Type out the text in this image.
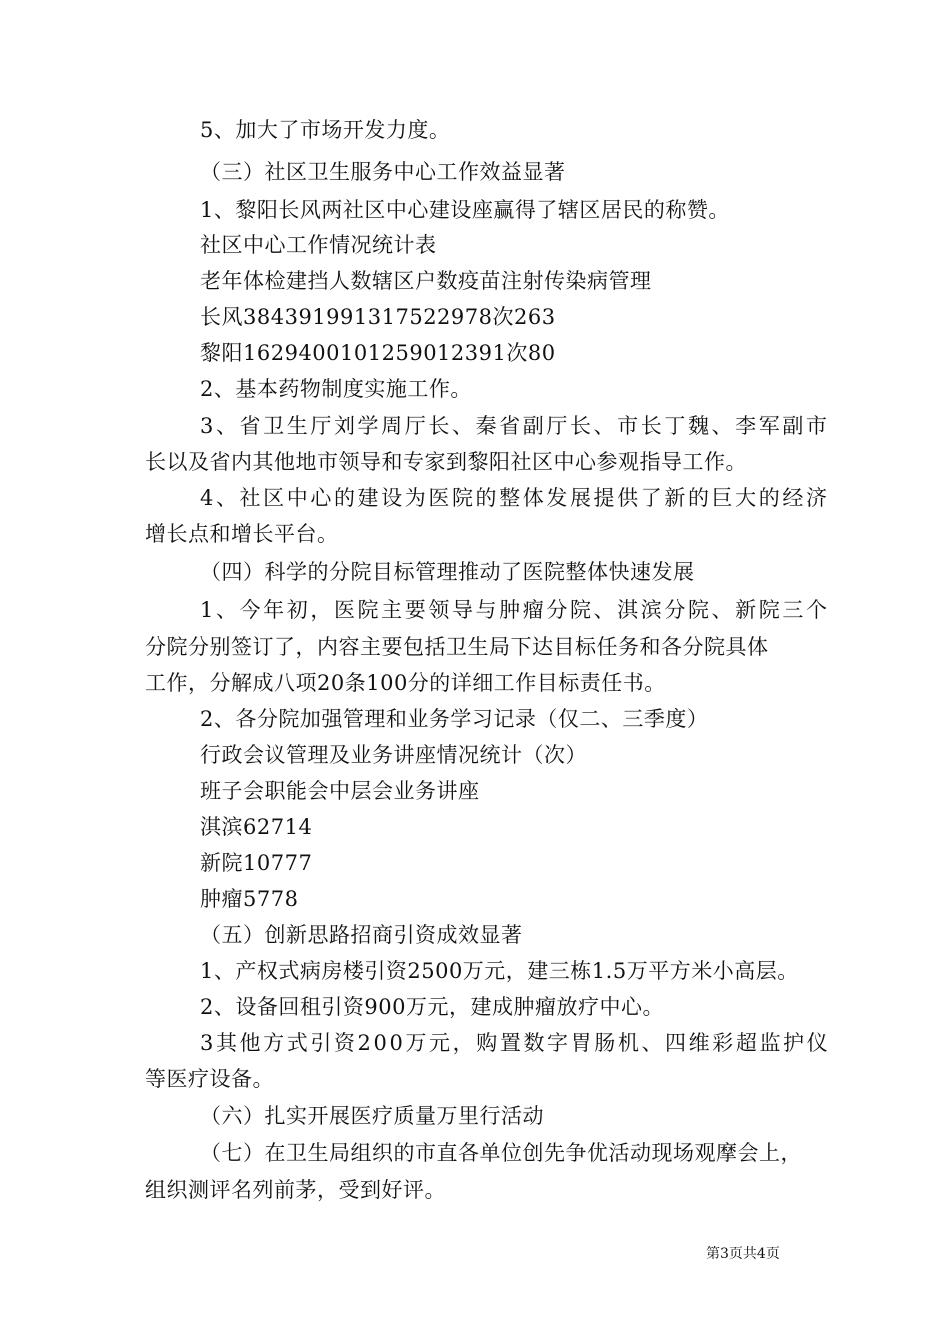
5、加大了市场开发力度。
（三）社区卫生服务中心工作效益显著
1、黎阳长风两社区中心建设座赢得了辖区居民的称赞。
社区中心工作情况统计表
老年体检建挡人数辖区户数疫苗注射传染病管理
长风384391991317522978次263
黎阳1629400101259012391次80
2、基本药物制度实施工作。
3、省卫生厅刘学周厅长、秦省副厅长、市长丁魏、李军副市
长以及省内其他地市领导和专家到黎阳社区中心参观指导工作。
4、社区中心的建设为医院的整体发展提供了新的巨大的经济
增长点和增长平台。
（四）科学的分院目标管理推动了医院整体快速发展
1、今年初，医院主要领导与肿瘤分院、淇滨分院、新院三个
分院分别签订了，内容主要包括卫生局下达目标任务和各分院具体
工作，分解成八项20条100分的详细工作目标责任书。
2、各分院加强管理和业务学习记录（仅二、三季度）
行政会议管理及业务讲座情况统计（次）
班子会职能会中层会业务讲座
淇滨62714
新院10777
肿瘤5778
（五）创新思路招商引资成效显著
1、产权式病房楼引资2500万元，建三栋1.5万平方米小高层。
2、设备回租引资900万元，建成肿瘤放疗中心。
3其他方式引资200万元，购置数字胃肠机、四维彩超监护仪
等医疗设备。
（六）扎实开展医疗质量万里行活动
（七）在卫生局组织的市直各单位创先争优活动现场观摩会上，
组织测评名列前茅，受到好评。
第3页共4页
